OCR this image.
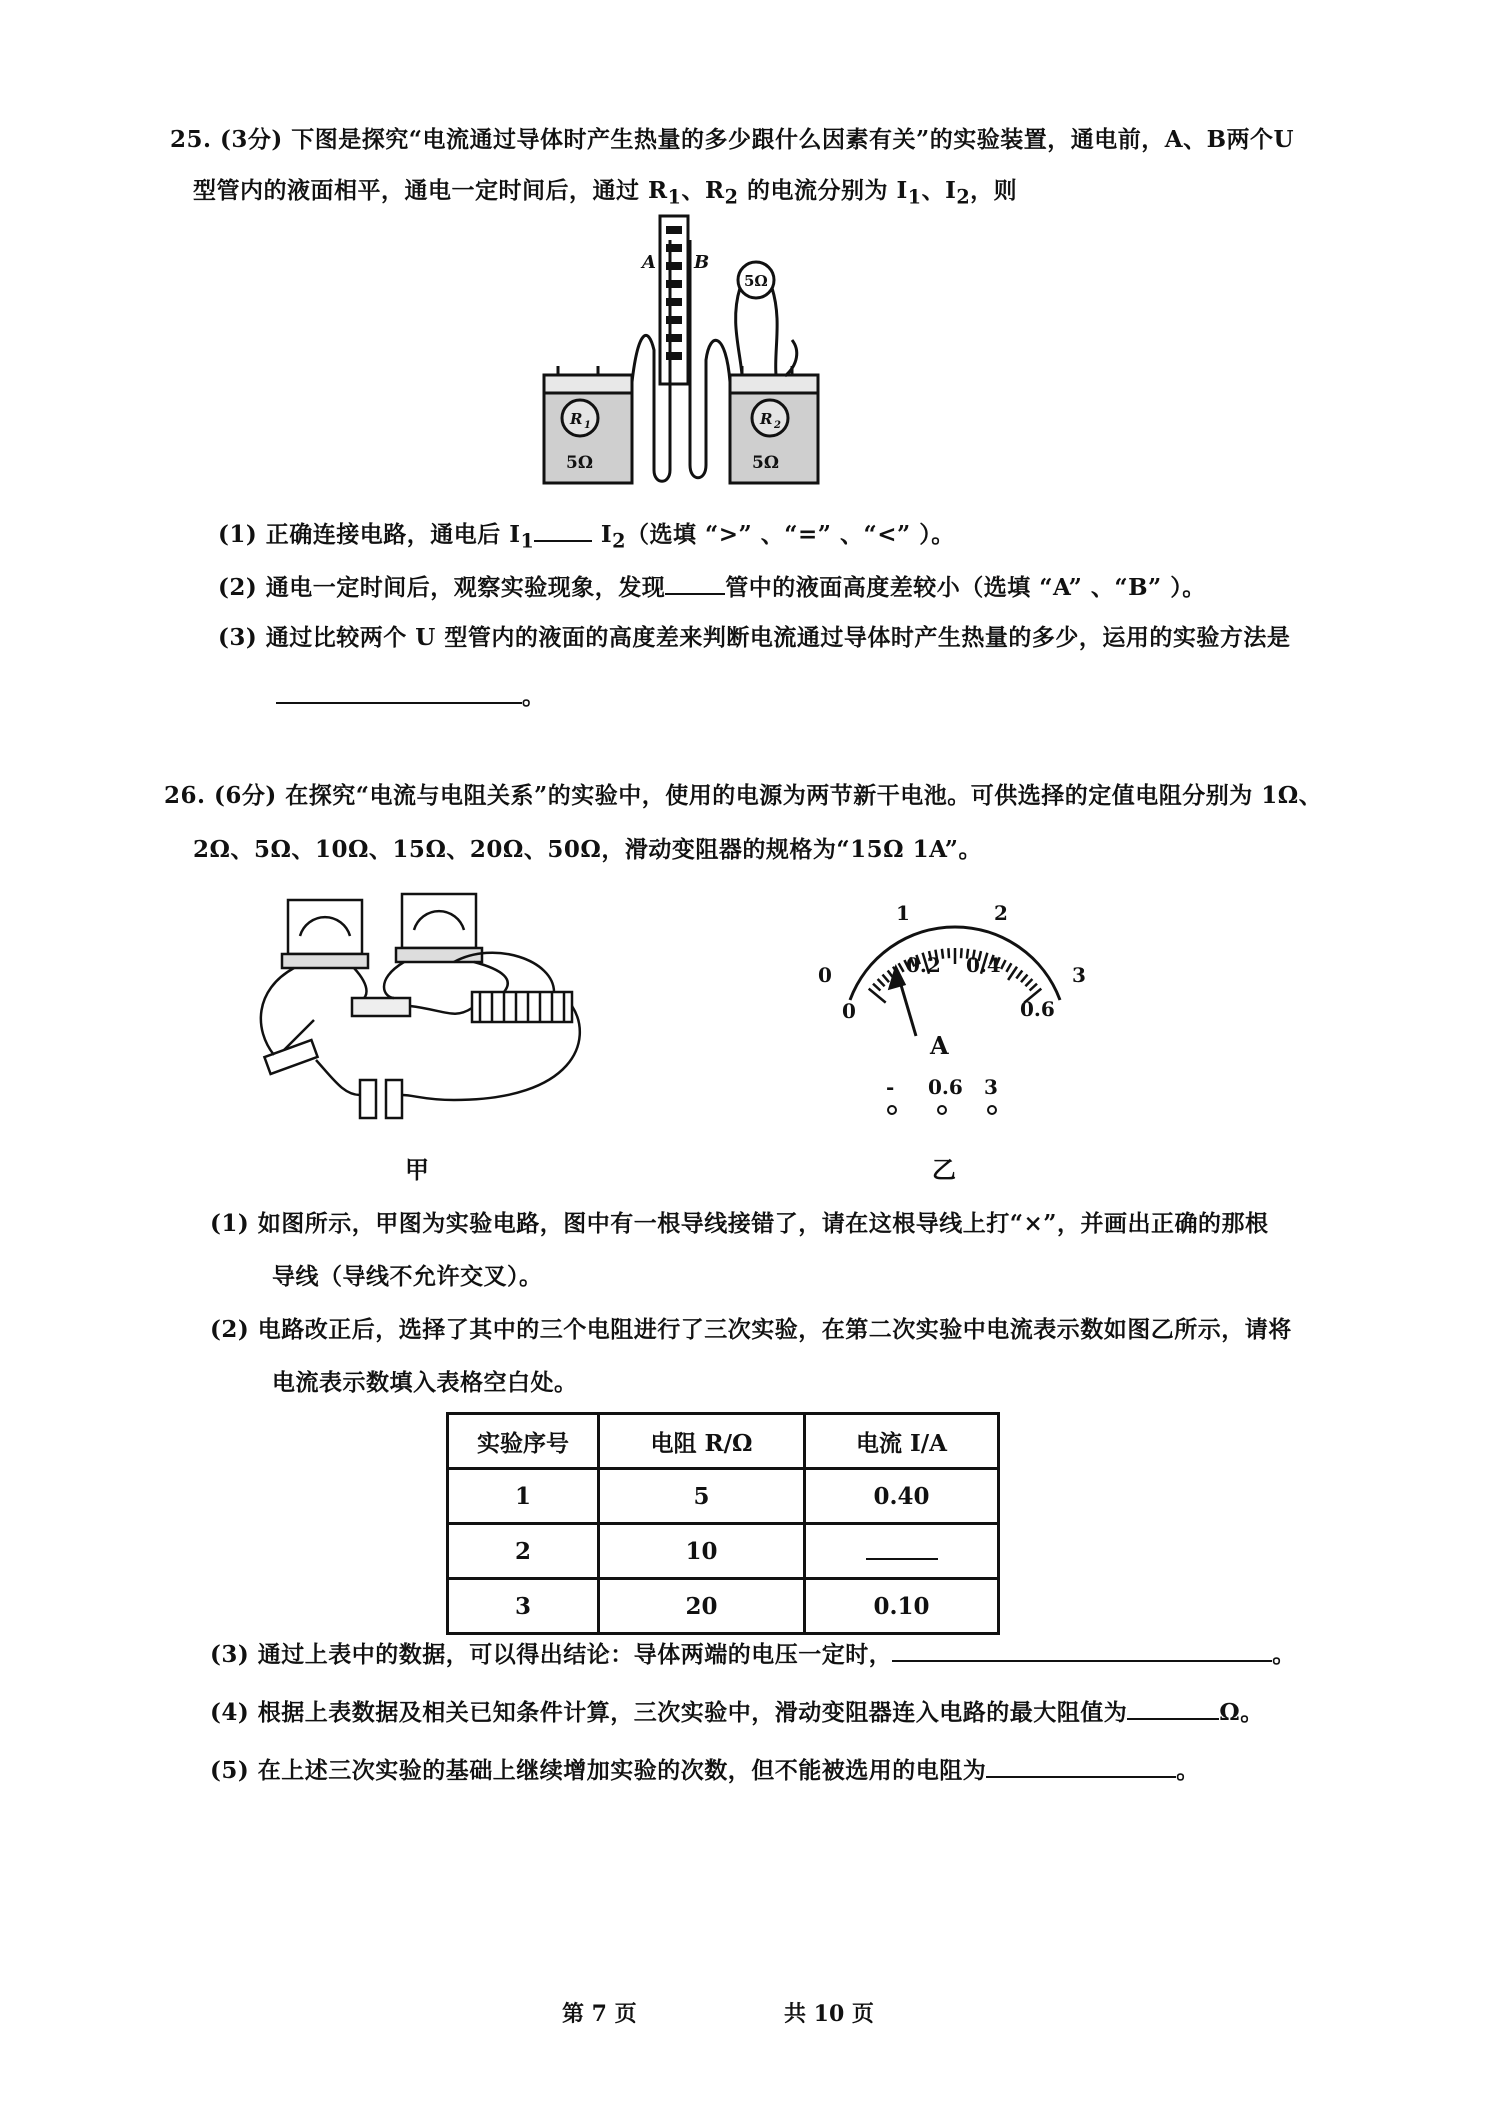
25. (3分) 下图是探究“电流通过导体时产生热量的多少跟什么因素有关”的实验装置，通电前，A、B两个U
型管内的液面相平，通电一定时间后，通过 $R_1$、$R_2$ 的电流分别为 $I_1$、$I_2$，则
A B
5Ω
R 1	R 2
5Ω	5Ω
(1) 正确连接电路，通电后 $I_1$	$I_2$（选填 “>” 、“=” 、“<” ）。
(2) 通电一定时间后，观察实验现象，发现	管中的液面高度差较小（选填 “A” 、“B” ）。
(3) 通过比较两个 U 型管内的液面的高度差来判断电流通过导体时产生热量的多少，运用的实验方法是
。
26. (6分) 在探究“电流与电阻关系”的实验中，使用的电源为两节新干电池。可供选择的定值电阻分别为 1Ω、
2Ω、5Ω、10Ω、15Ω、20Ω、50Ω，滑动变阻器的规格为“15Ω 1A”。
甲
0
1	2
3
0
0.2 0.4
0.6
A
- 0.6 3
乙
(1) 如图所示，甲图为实验电路，图中有一根导线接错了，请在这根导线上打“×”，并画出正确的那根
导线（导线不允许交叉）。
(2) 电路改正后，选择了其中的三个电阻进行了三次实验，在第二次实验中电流表示数如图乙所示，请将
电流表示数填入表格空白处。
实验序号	电阻 R/Ω	电流 I/A
1	5	0.40
2	10	
3	20	0.10
(3) 通过上表中的数据，可以得出结论：导体两端的电压一定时，	。
(4) 根据上表数据及相关已知条件计算，三次实验中，滑动变阻器连入电路的最大阻值为	Ω。
(5) 在上述三次实验的基础上继续增加实验的次数，但不能被选用的电阻为	。
第 7 页	共 10 页
